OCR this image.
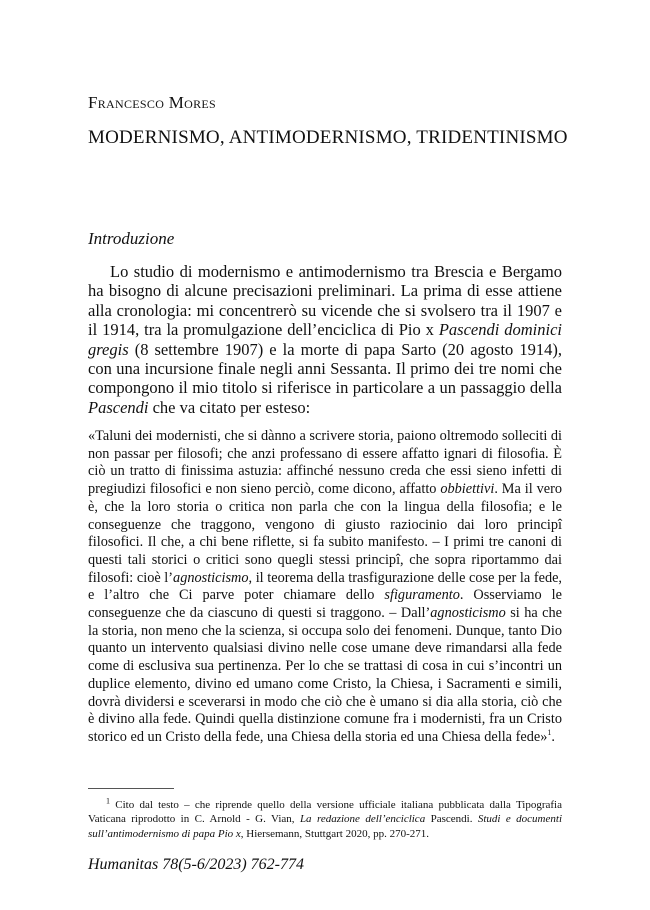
Francesco Mores
MODERNISMO, ANTIMODERNISMO, TRIDENTINISMO
Introduzione

Lo studio di modernismo e antimodernismo tra Brescia e Bergamo ha bisogno di alcune precisazioni preliminari. La prima di esse attiene alla cronologia: mi concentrerò su vicende che si svolsero tra il 1907 e il 1914, tra la promulgazione dell’enciclica di Pio x Pascendi dominici gregis (8 settembre 1907) e la morte di papa Sarto (20 agosto 1914), con una incursione finale negli anni Sessanta. Il primo dei tre nomi che compongono il mio titolo si riferisce in particolare a un passaggio della Pascendi che va citato per esteso:

«Taluni dei modernisti, che si dànno a scrivere storia, paiono oltremodo solleciti di non passar per filosofi; che anzi professano di essere affatto ignari di filosofia. È ciò un tratto di finissima astuzia: affinché nessuno creda che essi sieno infetti di pregiudizi filosofici e non sieno perciò, come dicono, affatto obbiettivi. Ma il vero è, che la loro storia o critica non parla che con la lingua della filosofia; e le conseguenze che traggono, vengono di giusto raziocinio dai loro principî filosofici. Il che, a chi bene riflette, si fa subito manifesto. – I primi tre canoni di questi tali storici o critici sono quegli stessi principî, che sopra riportammo dai filosofi: cioè l’agnosticismo, il teorema della trasfigurazione delle cose per la fede, e l’altro che Ci parve poter chiamare dello sfiguramento. Osserviamo le conseguenze che da ciascuno di questi si traggono. – Dall’agnosticismo si ha che la storia, non meno che la scienza, si occupa solo dei fenomeni. Dunque, tanto Dio quanto un intervento qualsiasi divino nelle cose umane deve rimandarsi alla fede come di esclusiva sua pertinenza. Per lo che se trattasi di cosa in cui s’incontri un duplice elemento, divino ed umano come Cristo, la Chiesa, i Sacramenti e simili, dovrà dividersi e sceverarsi in modo che ciò che è umano si dia alla storia, ciò che è divino alla fede. Quindi quella distinzione comune fra i modernisti, fra un Cristo storico ed un Cristo della fede, una Chiesa della storia ed una Chiesa della fede»$^1$.

$^1$ Cito dal testo – che riprende quello della versione ufficiale italiana pubblicata dalla Tipografia Vaticana riprodotto in C. Arnold - G. Vian, La redazione dell’enciclica Pascendi. Studi e documenti sull’antimodernismo di papa Pio x, Hiersemann, Stuttgart 2020, pp. 270-271.

Humanitas 78(5-6/2023) 762-774
